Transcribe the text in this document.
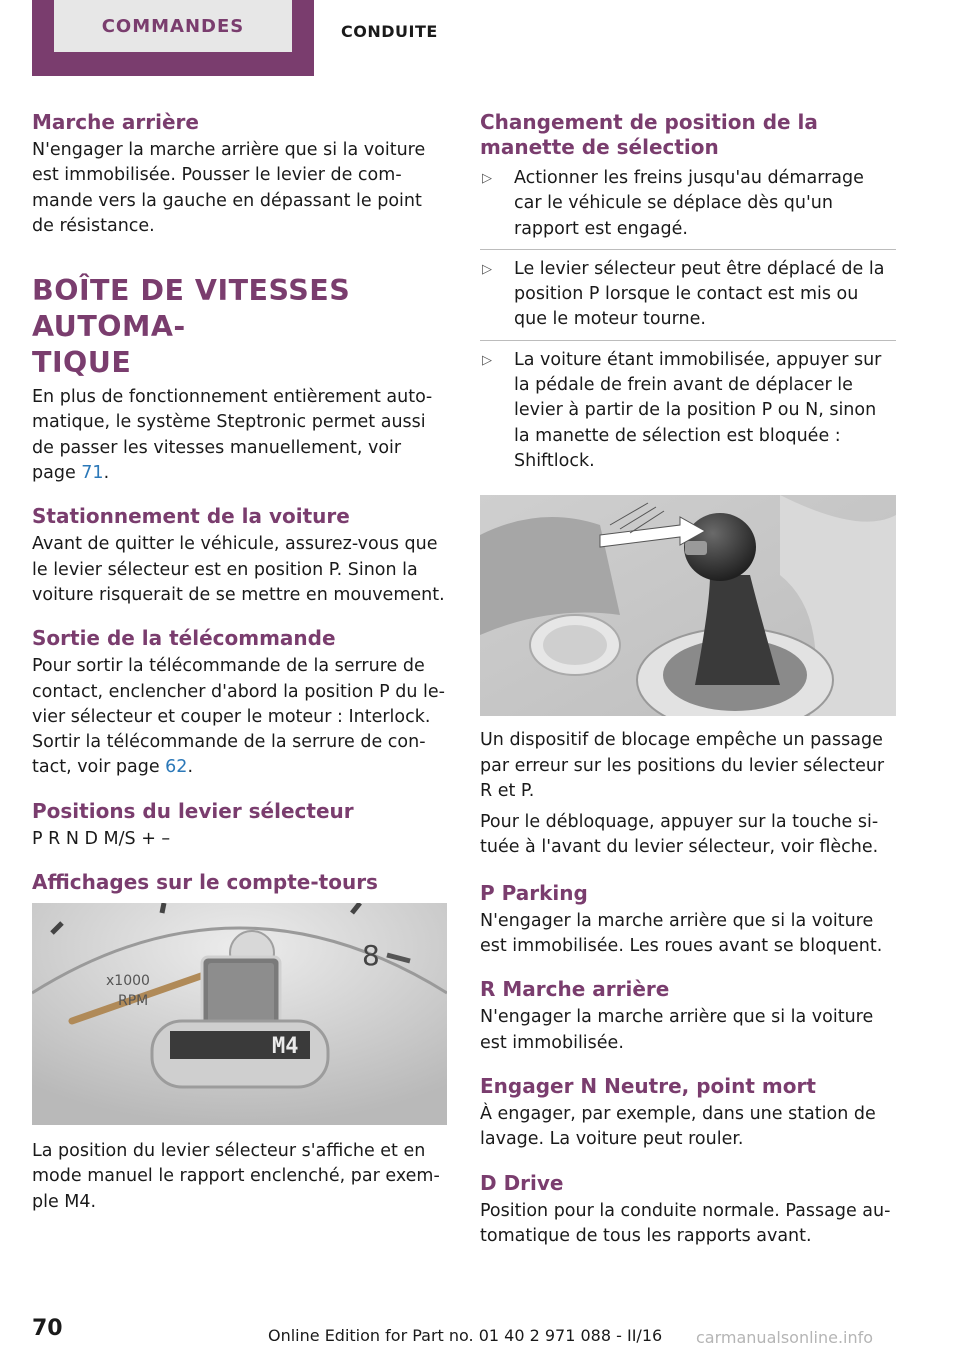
COMMANDES	CONDUITE
Marche arrière
N'engager la marche arrière que si la voiture est immobilisée. Pousser le levier de commande vers la gauche en dépassant le point de résistance.
BOÎTE DE VITESSES AUTOMA‐
TIQUE
En plus de fonctionnement entièrement automatique, le système Steptronic permet aussi de passer les vitesses manuellement, voir
page 71.
Stationnement de la voiture
Avant de quitter le véhicule, assurez-vous que le levier sélecteur est en position P. Sinon la voiture risquerait de se mettre en mouvement.
Sortie de la télécommande
Pour sortir la télécommande de la serrure de contact, enclencher d'abord la position P du levier sélecteur et couper le moteur : Interlock.
Sortir la télécommande de la serrure de contact, voir page 62.
Positions du levier sélecteur
P R N D M/S + –
Affichages sur le compte-tours
8
x1000
RPM
M4
La position du levier sélecteur s'affiche et en mode manuel le rapport enclenché, par exemple M4.
Changement de position de la manette de sélection
▷ Actionner les freins jusqu'au démarrage car le véhicule se déplace dès qu'un rapport est engagé.
▷ Le levier sélecteur peut être déplacé de la position P lorsque le contact est mis ou que le moteur tourne.
▷ La voiture étant immobilisée, appuyer sur la pédale de frein avant de déplacer le levier à partir de la position P ou N, sinon la manette de sélection est bloquée : Shiftlock.
Un dispositif de blocage empêche un passage par erreur sur les positions du levier sélecteur R et P.
Pour le débloquage, appuyer sur la touche située à l'avant du levier sélecteur, voir flèche.
P Parking
N'engager la marche arrière que si la voiture est immobilisée. Les roues avant se bloquent.
R Marche arrière
N'engager la marche arrière que si la voiture est immobilisée.
Engager N Neutre, point mort
À engager, par exemple, dans une station de lavage. La voiture peut rouler.
D Drive
Position pour la conduite normale. Passage automatique de tous les rapports avant.
70	Online Edition for Part no. 01 40 2 971 088 - II/16 carmanualsonline.info
